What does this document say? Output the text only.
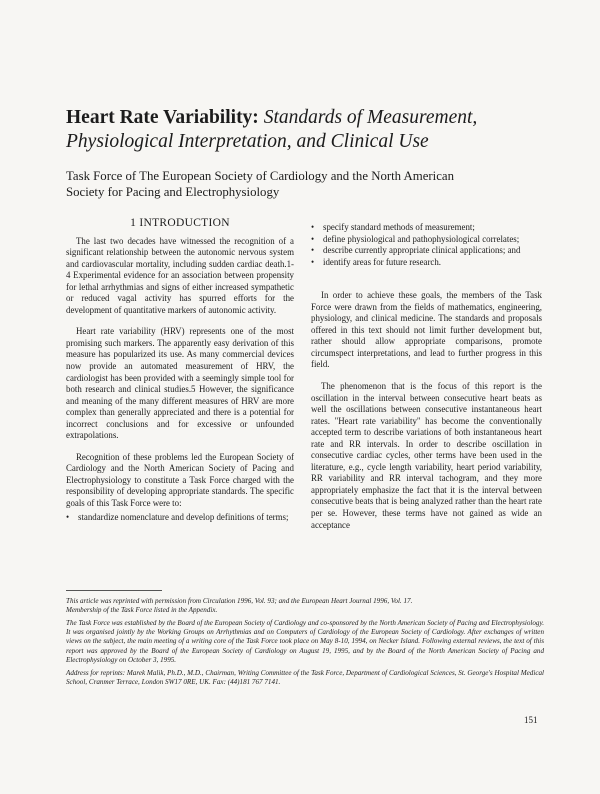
Heart Rate Variability: Standards of Measurement, Physiological Interpretation, and Clinical Use
Task Force of The European Society of Cardiology and the North American Society for Pacing and Electrophysiology
1 INTRODUCTION

The last two decades have witnessed the recognition of a significant relationship between the autonomic nervous system and cardiovascular mortality, including sudden cardiac death.1-4 Experimental evidence for an association between propensity for lethal arrhythmias and signs of either increased sympathetic or reduced vagal activity has spurred efforts for the development of quantitative markers of autonomic activity.

Heart rate variability (HRV) represents one of the most promising such markers. The apparently easy derivation of this measure has popularized its use. As many commercial devices now provide an automated measurement of HRV, the cardiologist has been provided with a seemingly simple tool for both research and clinical studies.5 However, the significance and meaning of the many different measures of HRV are more complex than generally appreciated and there is a potential for incorrect conclusions and for excessive or unfounded extrapolations.

Recognition of these problems led the European Society of Cardiology and the North American Society of Pacing and Electrophysiology to constitute a Task Force charged with the responsibility of developing appropriate standards. The specific goals of this Task Force were to:

• standardize nomenclature and develop definitions of terms;
• specify standard methods of measurement;
• define physiological and pathophysiological correlates;
• describe currently appropriate clinical applications; and
• identify areas for future research.

In order to achieve these goals, the members of the Task Force were drawn from the fields of mathematics, engineering, physiology, and clinical medicine. The standards and proposals offered in this text should not limit further development but, rather should allow appropriate comparisons, promote circumspect interpretations, and lead to further progress in this field.

The phenomenon that is the focus of this report is the oscillation in the interval between consecutive heart beats as well the oscillations between consecutive instantaneous heart rates. "Heart rate variability" has become the conventionally accepted term to describe variations of both instantaneous heart rate and RR intervals. In order to describe oscillation in consecutive cardiac cycles, other terms have been used in the literature, e.g., cycle length variability, heart period variability, RR variability and RR interval tachogram, and they more appropriately emphasize the fact that it is the interval between consecutive beats that is being analyzed rather than the heart rate per se. However, these terms have not gained as wide an acceptance

This article was reprinted with permission from Circulation 1996, Vol. 93; and the European Heart Journal 1996, Vol. 17.

Membership of the Task Force listed in the Appendix.

The Task Force was established by the Board of the European Society of Cardiology and co-sponsored by the North American Society of Pacing and Electrophysiology. It was organised jointly by the Working Groups on Arrhythmias and on Computers of Cardiology of the European Society of Cardiology. After exchanges of written views on the subject, the main meeting of a writing core of the Task Force took place on May 8-10, 1994, on Necker Island. Following external reviews, the text of this report was approved by the Board of the European Society of Cardiology on August 19, 1995, and by the Board of the North American Society of Pacing and Electrophysiology on October 3, 1995.

Address for reprints: Marek Malik, Ph.D., M.D., Chairman, Writing Committee of the Task Force, Department of Cardiological Sciences, St. George's Hospital Medical School, Cranmer Terrace, London SW17 0RE, UK. Fax: (44)181 767 7141.

151
